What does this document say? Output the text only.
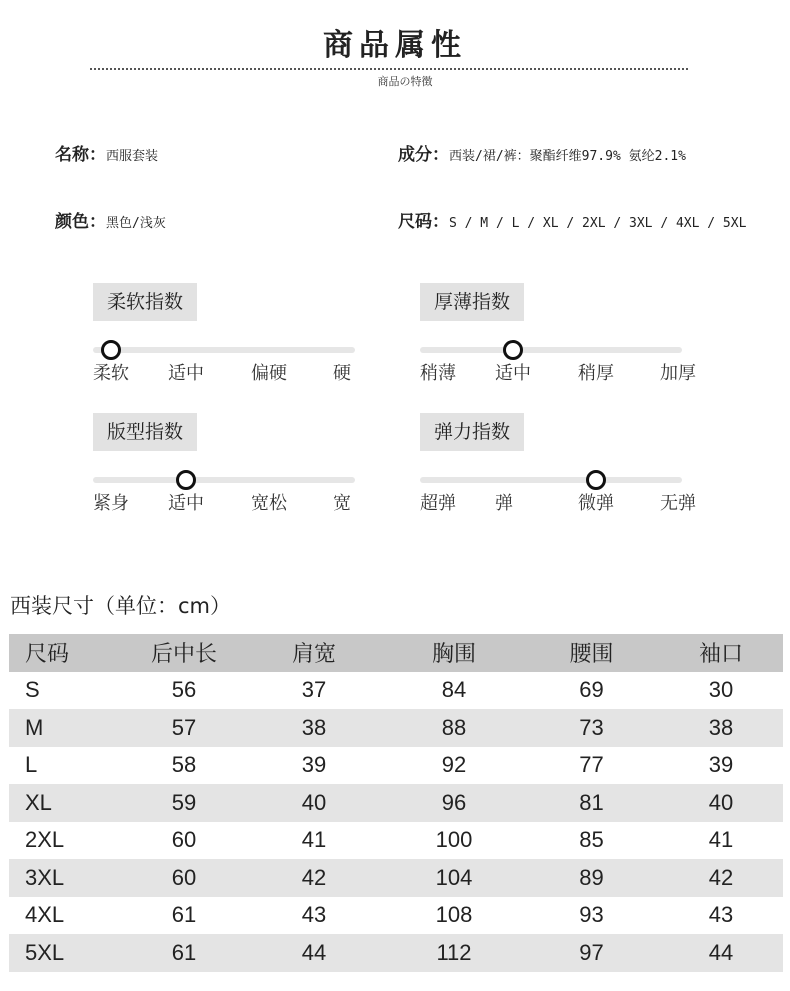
商品属性
商品の特徴
名称：西服套装	成分：西装/裙/裤：聚酯纤维97.9% 氨纶2.1%
颜色：黑色/浅灰	尺码：S / M / L / XL / 2XL / 3XL / 4XL / 5XL
柔软指数
柔软 适中	偏硬	硬
厚薄指数
稍薄 适中	稍厚	加厚
版型指数
紧身 适中	宽松	宽
弹力指数
超弹 弹	微弹	无弹
西装尺寸（单位：cm）
尺码	后中长	肩宽	胸围	腰围	袖口
S	56	37	84	69	30
M	57	38	88	73	38
L	58	39	92	77	39
XL	59	40	96	81	40
2XL	60	41	100	85	41
3XL	60	42	104	89	42
4XL	61	43	108	93	43
5XL	61	44	112	97	44
